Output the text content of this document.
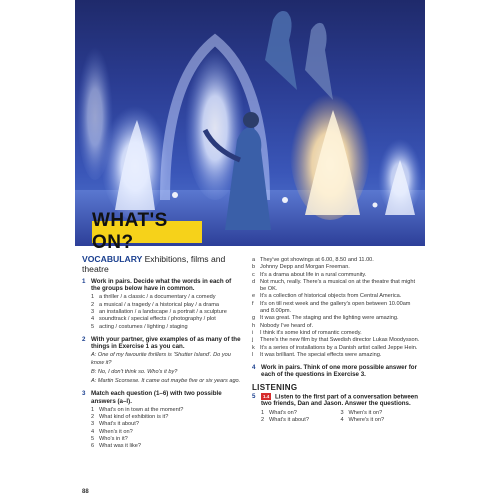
WHAT'S ON?
VOCABULARY Exhibitions, films and
theatre
1 Work in pairs. Decide what the words in each of the groups below have in common.
1 a thriller / a classic / a documentary / a comedy
2 a musical / a tragedy / a historical play / a drama
3 an installation / a landscape / a portrait / a sculpture
4 soundtrack / special effects / photography / plot
5 acting / costumes / lighting / staging
2 With your partner, give examples of as many of the things in Exercise 1 as you can.
A: One of my favourite thrillers is 'Shutter Island'. Do you know it?
B: No, I don't think so. Who's it by?
A: Martin Scorsese. It came out maybe five or six years ago.
3 Match each question (1–6) with two possible answers (a–l).
1 What's on in town at the moment?
2 What kind of exhibition is it?
3 What's it about?
4 When's it on?
5 Who's in it?
6 What was it like?
a They've got showings at 6.00, 8.50 and 11.00.
b Johnny Depp and Morgan Freeman.
c It's a drama about life in a rural community.
d Not much, really. There's a musical on at the theatre that might be OK.
e It's a collection of historical objects from Central America.
f	It's on till next week and the gallery's open between 10.00am and 8.00pm.
g It was great. The staging and the lighting were amazing.
h Nobody I've heard of.
i	I think it's some kind of romantic comedy.
j	There's the new film by that Swedish director Lukas Moodysson.
k It's a series of installations by a Danish artist called Jeppe Hein.
l	It was brilliant. The special effects were amazing.
4 Work in pairs. Think of one more possible answer for each of the questions in Exercise 3.
LISTENING
5	1.4 Listen to the first part of a conversation between two friends, Dan and Jason. Answer the questions.
1 What's on?	3 When's it on?
2 What's it about?	4 Where's it on?
88
